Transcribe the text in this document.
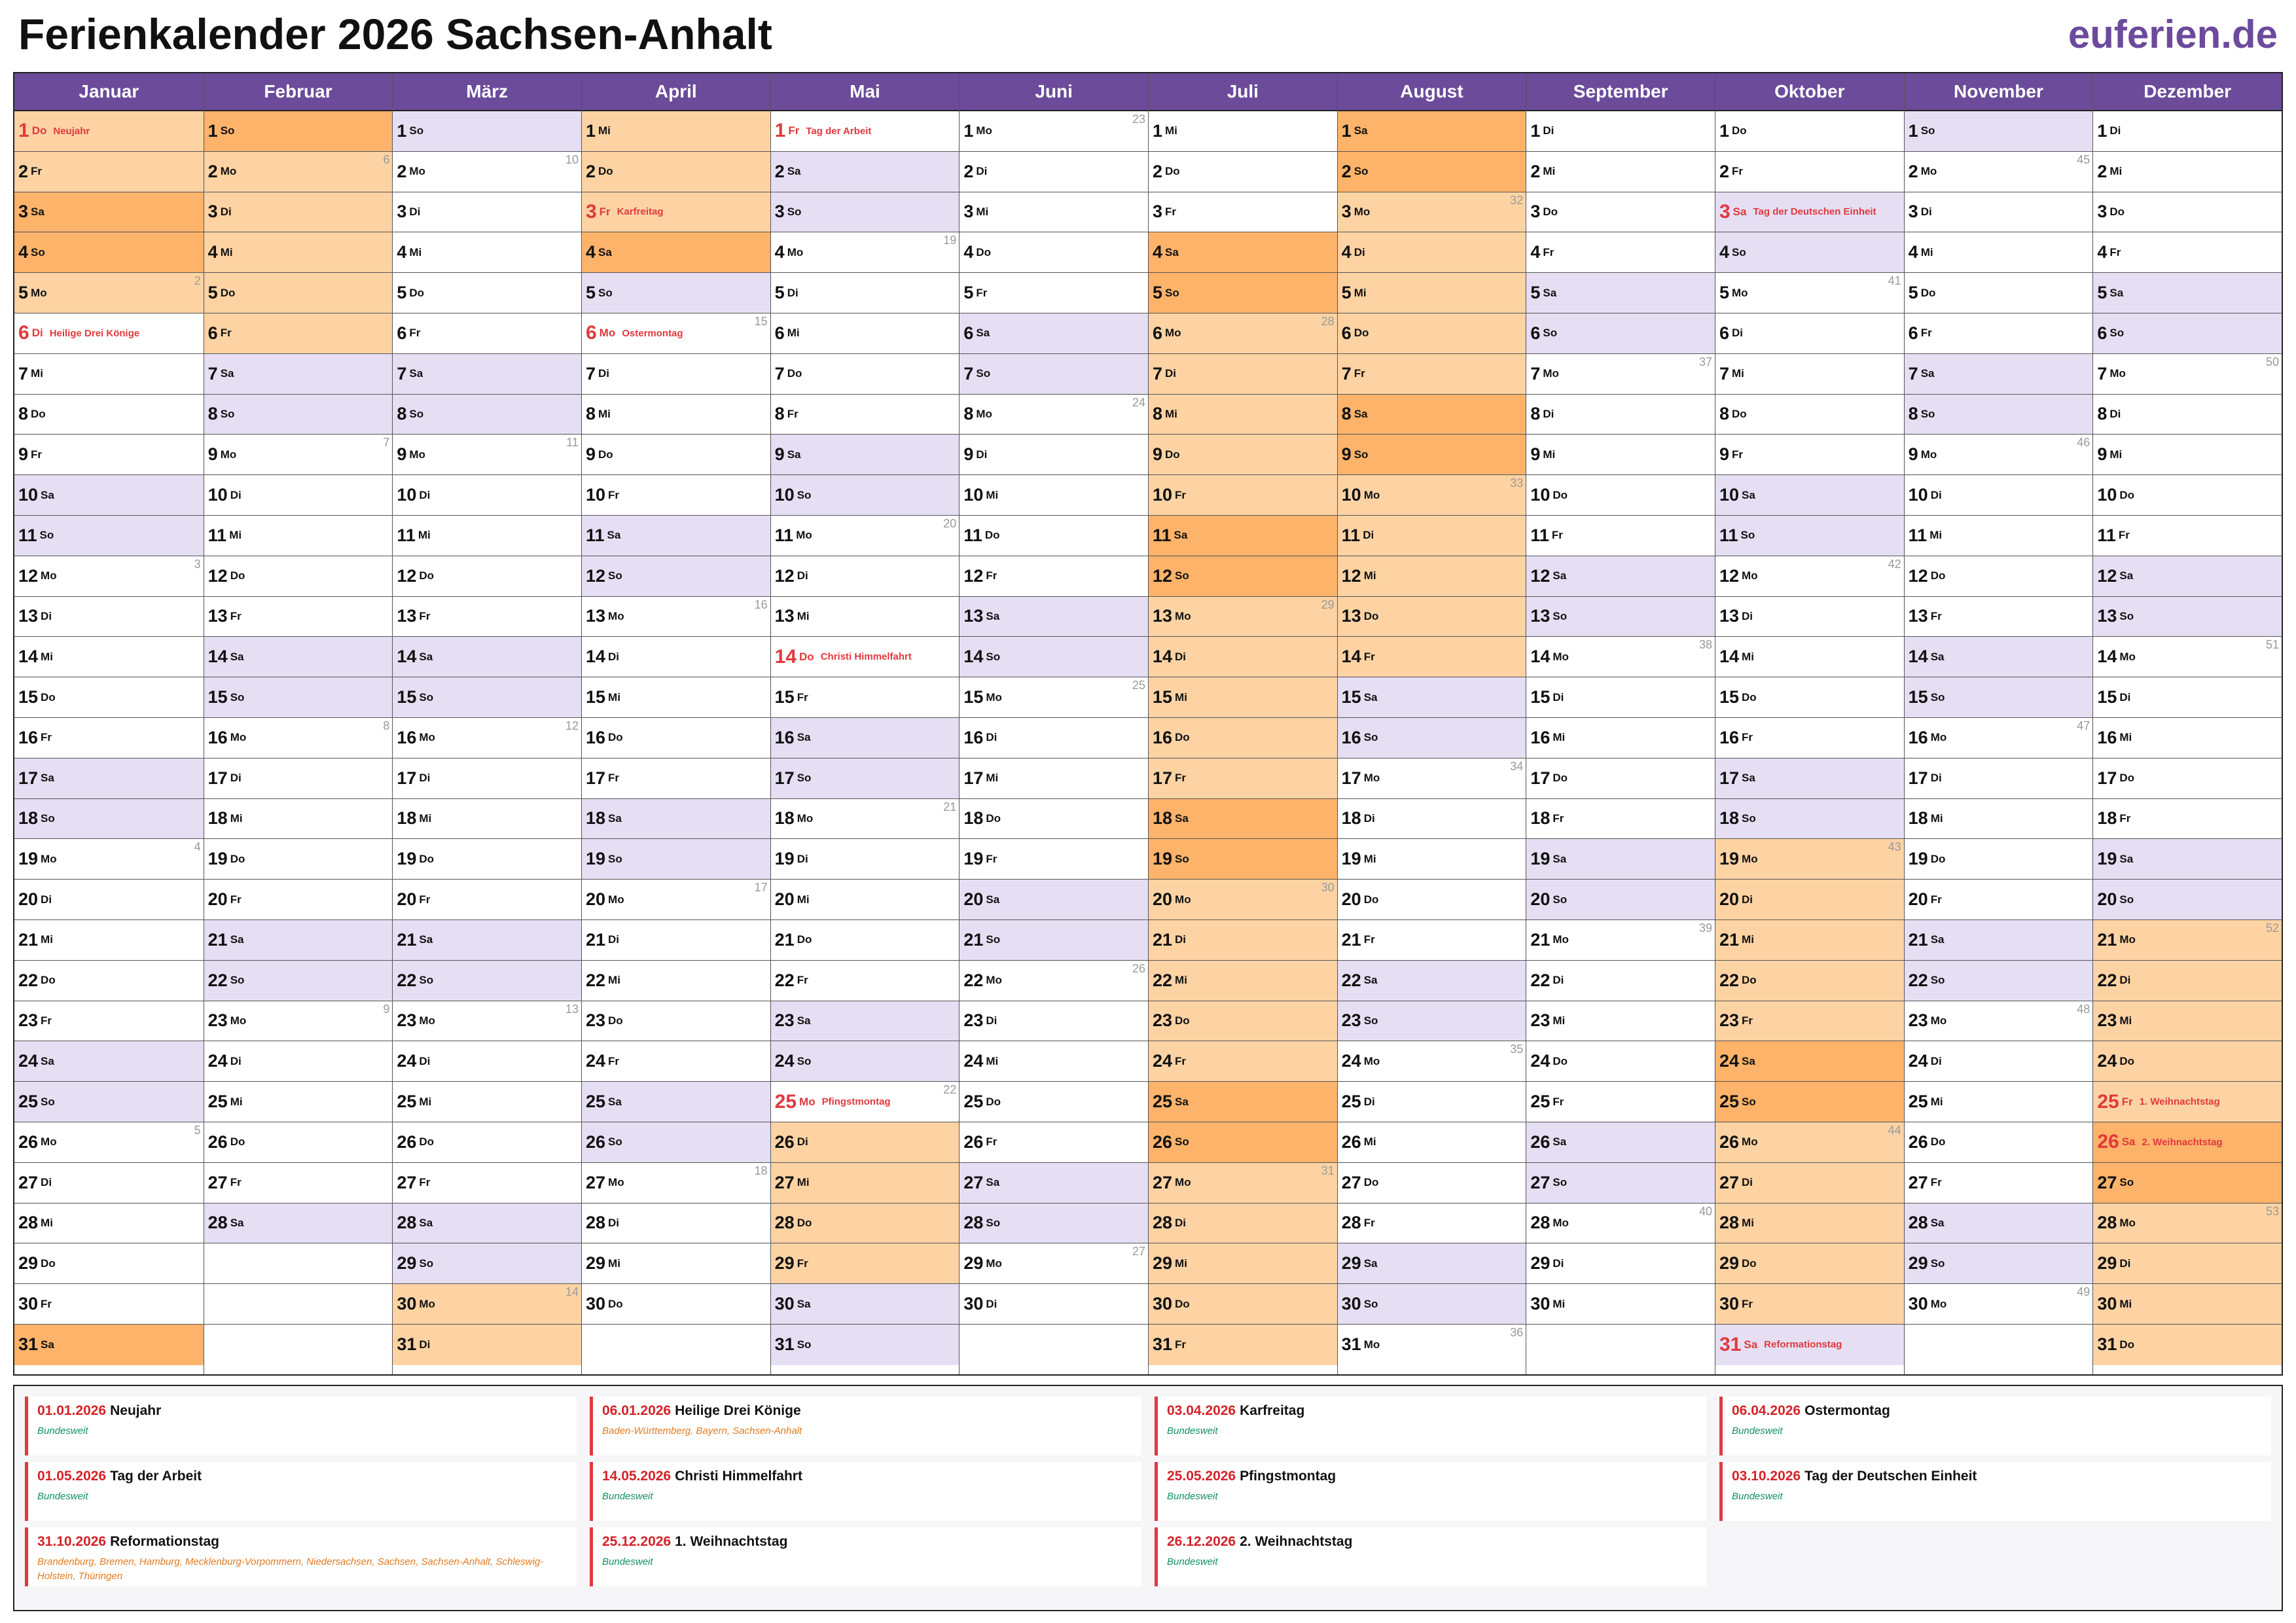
Ferienkalender 2026 Sachsen-Anhalt	euferien.de
Januar
1 Do Neujahr
2 Fr
3 Sa
4 So
5 Mo
2
6 Di Heilige Drei Könige
7 Mi
8 Do
9 Fr
10 Sa
11 So
12 Mo
3
13 Di
14 Mi
15 Do
16 Fr
17 Sa
18 So
19 Mo
4
20 Di
21 Mi
22 Do
23 Fr
24 Sa
25 So
26 Mo
5
27 Di
28 Mi
29 Do
30 Fr
31 Sa
Februar
1 So
2 Mo
6
3 Di
4 Mi
5 Do
6 Fr
7 Sa
8 So
9 Mo
7
10 Di
11 Mi
12 Do
13 Fr
14 Sa
15 So
16 Mo
8
17 Di
18 Mi
19 Do
20 Fr
21 Sa
22 So
23 Mo
9
24 Di
25 Mi
26 Do
27 Fr
28 Sa
März
1 So
2 Mo
10
3 Di
4 Mi
5 Do
6 Fr
7 Sa
8 So
9 Mo
11
10 Di
11 Mi
12 Do
13 Fr
14 Sa
15 So
16 Mo
12
17 Di
18 Mi
19 Do
20 Fr
21 Sa
22 So
23 Mo
13
24 Di
25 Mi
26 Do
27 Fr
28 Sa
29 So
30 Mo
14
31 Di
April
1 Mi
2 Do
3 Fr Karfreitag
4 Sa
5 So
6 Mo Ostermontag
15
7 Di
8 Mi
9 Do
10 Fr
11 Sa
12 So
13 Mo
16
14 Di
15 Mi
16 Do
17 Fr
18 Sa
19 So
20 Mo
17
21 Di
22 Mi
23 Do
24 Fr
25 Sa
26 So
27 Mo
18
28 Di
29 Mi
30 Do
Mai
1 Fr Tag der Arbeit
2 Sa
3 So
4 Mo
19
5 Di
6 Mi
7 Do
8 Fr
9 Sa
10 So
11 Mo
20
12 Di
13 Mi
14 Do Christi Himmelfahrt
15 Fr
16 Sa
17 So
18 Mo
21
19 Di
20 Mi
21 Do
22 Fr
23 Sa
24 So
25 Mo Pfingstmontag
22
26 Di
27 Mi
28 Do
29 Fr
30 Sa
31 So
Juni
1 Mo
23
2 Di
3 Mi
4 Do
5 Fr
6 Sa
7 So
8 Mo
24
9 Di
10 Mi
11 Do
12 Fr
13 Sa
14 So
15 Mo
25
16 Di
17 Mi
18 Do
19 Fr
20 Sa
21 So
22 Mo
26
23 Di
24 Mi
25 Do
26 Fr
27 Sa
28 So
29 Mo
27
30 Di
Juli
1 Mi
2 Do
3 Fr
4 Sa
5 So
6 Mo
28
7 Di
8 Mi
9 Do
10 Fr
11 Sa
12 So
13 Mo
29
14 Di
15 Mi
16 Do
17 Fr
18 Sa
19 So
20 Mo
30
21 Di
22 Mi
23 Do
24 Fr
25 Sa
26 So
27 Mo
31
28 Di
29 Mi
30 Do
31 Fr
August
1 Sa
2 So
3 Mo
32
4 Di
5 Mi
6 Do
7 Fr
8 Sa
9 So
10 Mo
33
11 Di
12 Mi
13 Do
14 Fr
15 Sa
16 So
17 Mo
34
18 Di
19 Mi
20 Do
21 Fr
22 Sa
23 So
24 Mo
35
25 Di
26 Mi
27 Do
28 Fr
29 Sa
30 So
31 Mo
36
September
1 Di
2 Mi
3 Do
4 Fr
5 Sa
6 So
7 Mo
37
8 Di
9 Mi
10 Do
11 Fr
12 Sa
13 So
14 Mo
38
15 Di
16 Mi
17 Do
18 Fr
19 Sa
20 So
21 Mo
39
22 Di
23 Mi
24 Do
25 Fr
26 Sa
27 So
28 Mo
40
29 Di
30 Mi
Oktober
1 Do
2 Fr
3 Sa Tag der Deutschen Einheit
4 So
5 Mo
41
6 Di
7 Mi
8 Do
9 Fr
10 Sa
11 So
12 Mo
42
13 Di
14 Mi
15 Do
16 Fr
17 Sa
18 So
19 Mo
43
20 Di
21 Mi
22 Do
23 Fr
24 Sa
25 So
26 Mo
44
27 Di
28 Mi
29 Do
30 Fr
31 Sa Reformationstag
November
1 So
2 Mo
45
3 Di
4 Mi
5 Do
6 Fr
7 Sa
8 So
9 Mo
46
10 Di
11 Mi
12 Do
13 Fr
14 Sa
15 So
16 Mo
47
17 Di
18 Mi
19 Do
20 Fr
21 Sa
22 So
23 Mo
48
24 Di
25 Mi
26 Do
27 Fr
28 Sa
29 So
30 Mo
49
Dezember
1 Di
2 Mi
3 Do
4 Fr
5 Sa
6 So
7 Mo
50
8 Di
9 Mi
10 Do
11 Fr
12 Sa
13 So
14 Mo
51
15 Di
16 Mi
17 Do
18 Fr
19 Sa
20 So
21 Mo
52
22 Di
23 Mi
24 Do
25 Fr 1. Weihnachtstag
26 Sa 2. Weihnachtstag
27 So
28 Mo
53
29 Di
30 Mi
31 Do
01.01.2026 Neujahr
Bundesweit
06.01.2026 Heilige Drei Könige
Baden-Württemberg, Bayern, Sachsen-Anhalt
03.04.2026 Karfreitag
Bundesweit
06.04.2026 Ostermontag
Bundesweit
01.05.2026 Tag der Arbeit
Bundesweit
14.05.2026 Christi Himmelfahrt
Bundesweit
25.05.2026 Pfingstmontag
Bundesweit
03.10.2026 Tag der Deutschen Einheit
Bundesweit
31.10.2026 Reformationstag
Brandenburg, Bremen, Hamburg, Mecklenburg-Vorpommern, Niedersachsen, Sachsen, Sachsen-Anhalt, Schleswig-Holstein, Thüringen
25.12.2026 1. Weihnachtstag
Bundesweit
26.12.2026 2. Weihnachtstag
Bundesweit
